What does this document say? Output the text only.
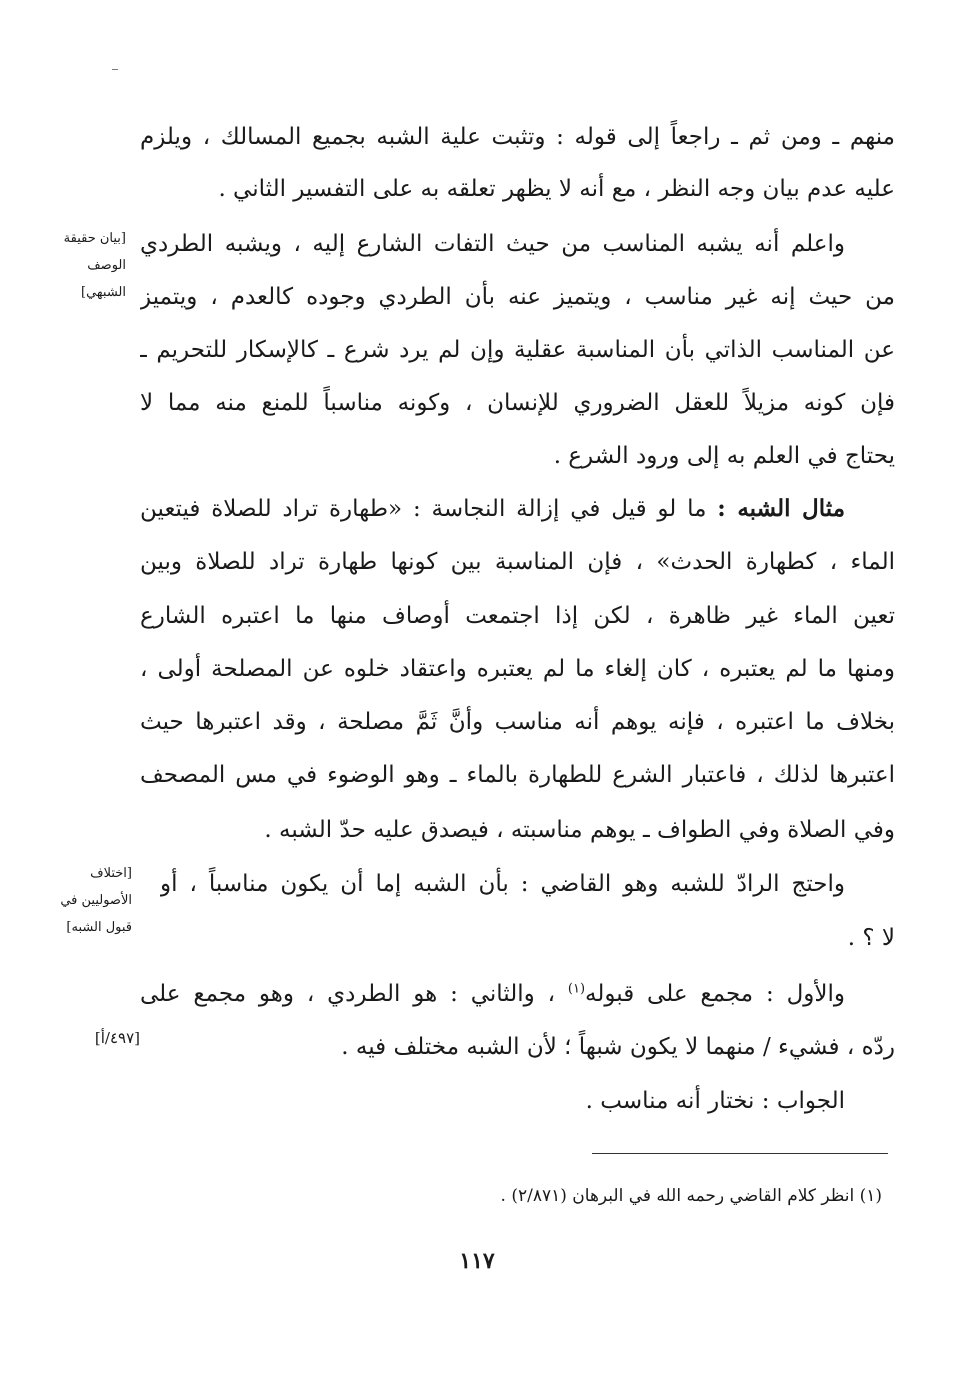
منهم ـ ومن ثم ـ راجعاً إلى قوله : وتثبت علية الشبه بجميع المسالك ، ويلزم
عليه عدم بيان وجه النظر ، مع أنه لا يظهر تعلقه به على التفسير الثاني .
واعلم أنه يشبه المناسب من حيث التفات الشارع إليه ، ويشبه الطردي
من حيث إنه غير مناسب ، ويتميز عنه بأن الطردي وجوده كالعدم ، ويتميز
عن المناسب الذاتي بأن المناسبة عقلية وإن لم يرد شرع ـ كالإسكار للتحريم ـ
فإن كونه مزيلاً للعقل الضروري للإنسان ، وكونه مناسباً للمنع منه مما لا
يحتاج في العلم به إلى ورود الشرع .
مثال الشبه : ما لو قيل في إزالة النجاسة : «طهارة تراد للصلاة فيتعين
الماء ، كطهارة الحدث» ، فإن المناسبة بين كونها طهارة تراد للصلاة وبين
تعين الماء غير ظاهرة ، لكن إذا اجتمعت أوصاف منها ما اعتبره الشارع
ومنها ما لم يعتبره ، كان إلغاء ما لم يعتبره واعتقاد خلوه عن المصلحة أولى ،
بخلاف ما اعتبره ، فإنه يوهم أنه مناسب وأنَّ ثَمَّ مصلحة ، وقد اعتبرها حيث
اعتبرها لذلك ، فاعتبار الشرع للطهارة بالماء ـ وهو الوضوء في مس المصحف
وفي الصلاة وفي الطواف ـ يوهم مناسبته ، فيصدق عليه حدّ الشبه .
واحتج الرادّ للشبه وهو القاضي : بأن الشبه إما أن يكون مناسباً ، أو
لا ؟ .
والأول : مجمع على قبوله$^{(١)}$ ، والثاني : هو الطردي ، وهو مجمع على
ردّه ، فشيء / منهما لا يكون شبهاً ؛ لأن الشبه مختلف فيه .
الجواب : نختار أنه مناسب .
[بيان حقيقة
الوصف
الشبهي]
[اختلاف
الأصوليين في
قبول الشبه]
[٤٩٧/أ]
(١) انظر كلام القاضي رحمه الله في البرهان (٢/٨٧١) .
١١٧
